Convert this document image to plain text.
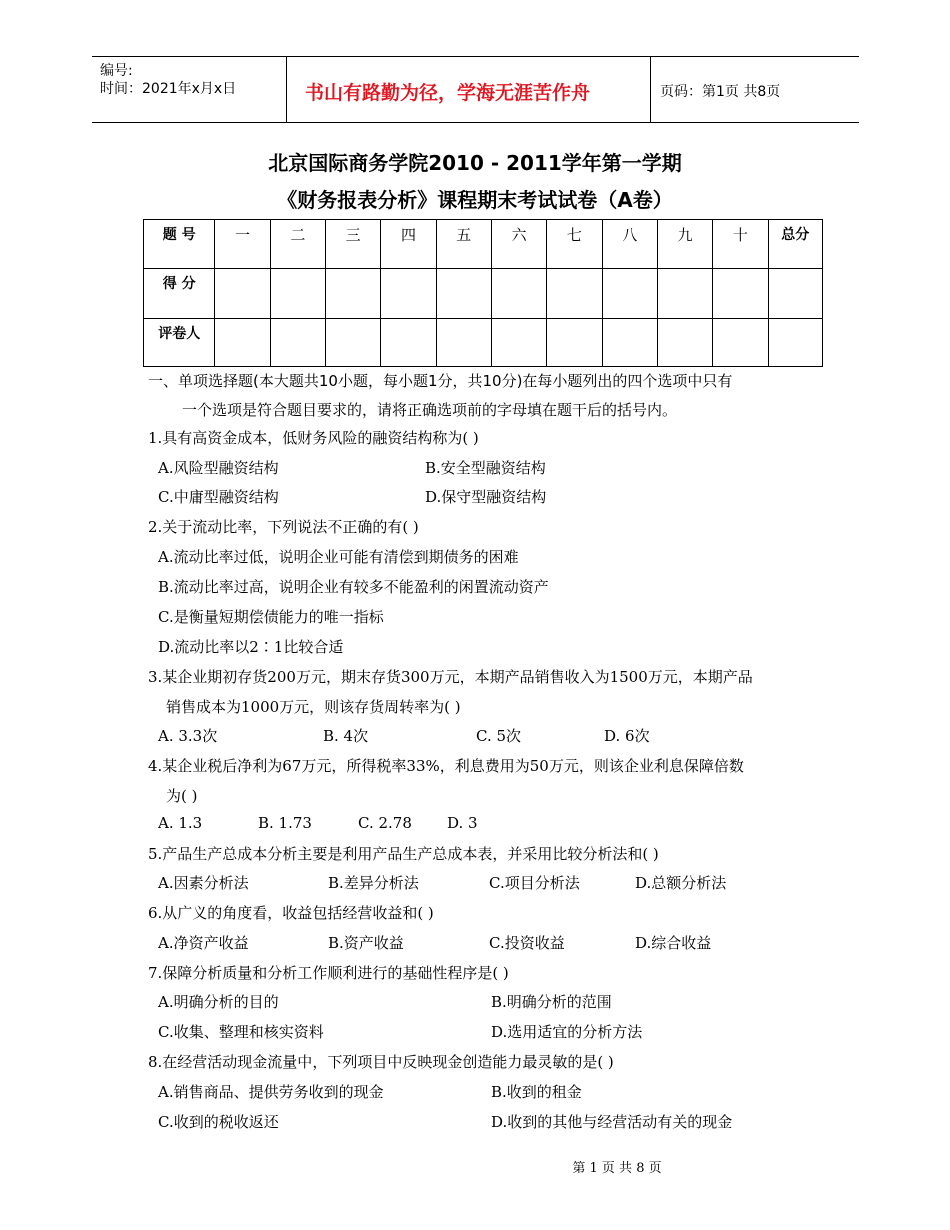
编号:
时间：2021年x月x日	书山有路勤为径，学海无涯苦作舟	页码：第1页 共8页
北京国际商务学院2010 - 2011学年第一学期
《财务报表分析》课程期末考试试卷（A卷）
题 号	一	二	三	四	五	六	七	八	九	十	总分
得 分											
评卷人											
一、单项选择题(本大题共10小题，每小题1分，共10分)在每小题列出的四个选项中只有
一个选项是符合题目要求的，请将正确选项前的字母填在题干后的括号内。
1.具有高资金成本，低财务风险的融资结构称为( )
A.风险型融资结构	B.安全型融资结构
C.中庸型融资结构	D.保守型融资结构
2.关于流动比率，下列说法不正确的有( )
A.流动比率过低，说明企业可能有清偿到期债务的困难
B.流动比率过高，说明企业有较多不能盈利的闲置流动资产
C.是衡量短期偿债能力的唯一指标
D.流动比率以2∶1比较合适
3.某企业期初存货200万元，期末存货300万元，本期产品销售收入为1500万元，本期产品
销售成本为1000万元，则该存货周转率为( )
A. 3.3次	B. 4次	C. 5次	D. 6次
4.某企业税后净利为67万元，所得税率33%，利息费用为50万元，则该企业利息保障倍数
为( )
A. 1.3	B. 1.73	C. 2.78 D. 3
5.产品生产总成本分析主要是利用产品生产总成本表，并采用比较分析法和( )
A.因素分析法	B.差异分析法	C.项目分析法	D.总额分析法
6.从广义的角度看，收益包括经营收益和( )
A.净资产收益	B.资产收益	C.投资收益	D.综合收益
7.保障分析质量和分析工作顺利进行的基础性程序是( )
A.明确分析的目的	B.明确分析的范围
C.收集、整理和核实资料	D.选用适宜的分析方法
8.在经营活动现金流量中，下列项目中反映现金创造能力最灵敏的是( )
A.销售商品、提供劳务收到的现金	B.收到的租金
C.收到的税收返还	D.收到的其他与经营活动有关的现金
第 1 页 共 8 页
